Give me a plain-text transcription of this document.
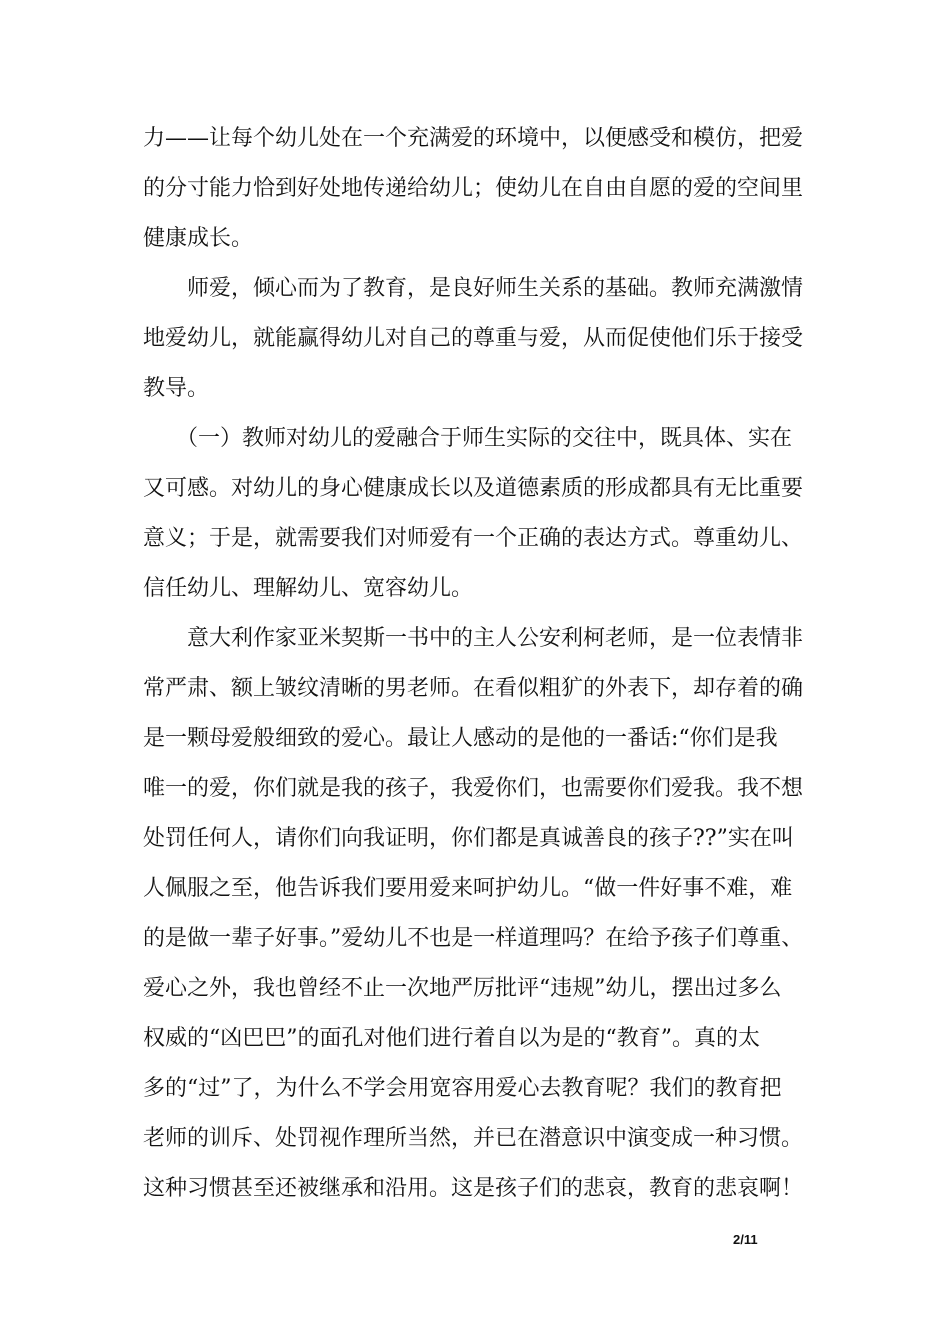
力——让每个幼儿处在一个充满爱的环境中，以便感受和模仿，把爱
的分寸能力恰到好处地传递给幼儿；使幼儿在自由自愿的爱的空间里
健康成长。
　　师爱，倾心而为了教育，是良好师生关系的基础。教师充满激情
地爱幼儿，就能赢得幼儿对自己的尊重与爱，从而促使他们乐于接受
教导。
　　（一）教师对幼儿的爱融合于师生实际的交往中，既具体、实在
又可感。对幼儿的身心健康成长以及道德素质的形成都具有无比重要
意义；于是，就需要我们对师爱有一个正确的表达方式。尊重幼儿、
信任幼儿、理解幼儿、宽容幼儿。
　　意大利作家亚米契斯一书中的主人公安利柯老师，是一位表情非
常严肃、额上皱纹清晰的男老师。在看似粗犷的外表下，却存着的确
是一颗母爱般细致的爱心。最让人感动的是他的一番话:“你们是我
唯一的爱，你们就是我的孩子，我爱你们，也需要你们爱我。我不想
处罚任何人，请你们向我证明，你们都是真诚善良的孩子??”实在叫
人佩服之至，他告诉我们要用爱来呵护幼儿。“做一件好事不难，难
的是做一辈子好事。”爱幼儿不也是一样道理吗？在给予孩子们尊重、
爱心之外，我也曾经不止一次地严厉批评“违规”幼儿，摆出过多么
权威的“凶巴巴”的面孔对他们进行着自以为是的“教育”。真的太
多的“过”了，为什么不学会用宽容用爱心去教育呢？我们的教育把
老师的训斥、处罚视作理所当然，并已在潜意识中演变成一种习惯。
这种习惯甚至还被继承和沿用。这是孩子们的悲哀，教育的悲哀啊！
2/11
